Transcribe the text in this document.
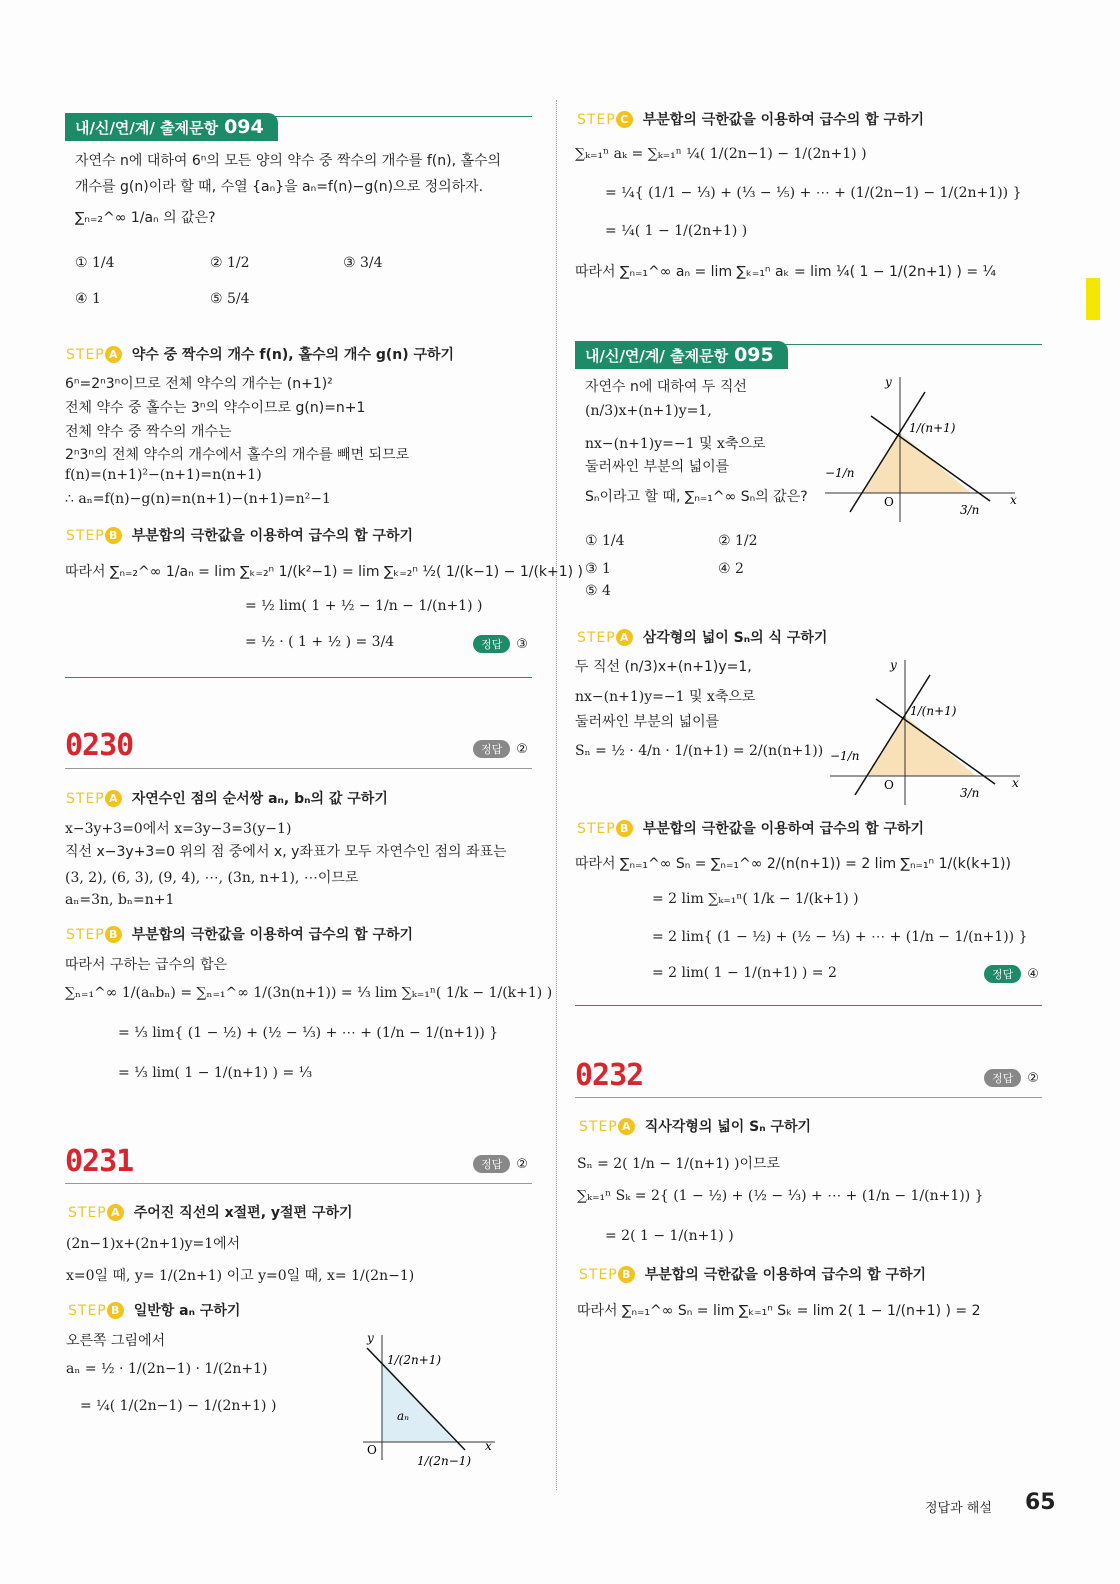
내/신/연/계/ 출제문항 094
자연수 n에 대하여 6ⁿ의 모든 양의 약수 중 짝수의 개수를 f(n), 홀수의
개수를 g(n)이라 할 때, 수열 {aₙ}을 aₙ=f(n)−g(n)으로 정의하자.
∑ₙ₌₂^∞ 1/aₙ 의 값은?
① 1/4	② 1/2	③ 3/4
④ 1	⑤ 5/4
STEP A 약수 중 짝수의 개수 f(n), 홀수의 개수 g(n) 구하기
6ⁿ=2ⁿ3ⁿ이므로 전체 약수의 개수는 (n+1)²
전체 약수 중 홀수는 3ⁿ의 약수이므로 g(n)=n+1
전체 약수 중 짝수의 개수는
2ⁿ3ⁿ의 전체 약수의 개수에서 홀수의 개수를 빼면 되므로
f(n)=(n+1)²−(n+1)=n(n+1)
∴ aₙ=f(n)−g(n)=n(n+1)−(n+1)=n²−1
STEP B 부분합의 극한값을 이용하여 급수의 합 구하기
따라서 ∑ₙ₌₂^∞ 1/aₙ = lim ∑ₖ₌₂ⁿ 1/(k²−1) = lim ∑ₖ₌₂ⁿ ½( 1/(k−1) − 1/(k+1) )
= ½ lim( 1 + ½ − 1/n − 1/(n+1) )
= ½ · ( 1 + ½ ) = 3/4	정답 ③
0230	정답 ②
STEP A 자연수인 점의 순서쌍 aₙ, bₙ의 값 구하기
x−3y+3=0에서 x=3y−3=3(y−1)
직선 x−3y+3=0 위의 점 중에서 x, y좌표가 모두 자연수인 점의 좌표는
(3, 2), (6, 3), (9, 4), ⋯, (3n, n+1), ⋯이므로
aₙ=3n, bₙ=n+1
STEP B 부분합의 극한값을 이용하여 급수의 합 구하기
따라서 구하는 급수의 합은
∑ₙ₌₁^∞ 1/(aₙbₙ) = ∑ₙ₌₁^∞ 1/(3n(n+1)) = ⅓ lim ∑ₖ₌₁ⁿ( 1/k − 1/(k+1) )
= ⅓ lim{ (1 − ½) + (½ − ⅓) + ⋯ + (1/n − 1/(n+1)) }
= ⅓ lim( 1 − 1/(n+1) ) = ⅓
0231	정답 ②
STEP A 주어진 직선의 x절편, y절편 구하기
(2n−1)x+(2n+1)y=1에서
x=0일 때, y= 1/(2n+1) 이고 y=0일 때, x= 1/(2n−1)
STEP B 일반항 aₙ 구하기
오른쪽 그림에서
aₙ = ½ · 1/(2n−1) · 1/(2n+1)
= ¼( 1/(2n−1) − 1/(2n+1) )
y
x
O
1/(2n+1)
1/(2n−1)
aₙ
STEP C 부분합의 극한값을 이용하여 급수의 합 구하기
∑ₖ₌₁ⁿ aₖ = ∑ₖ₌₁ⁿ ¼( 1/(2n−1) − 1/(2n+1) )
= ¼{ (1/1 − ⅓) + (⅓ − ⅕) + ⋯ + (1/(2n−1) − 1/(2n+1)) }
= ¼( 1 − 1/(2n+1) )
따라서 ∑ₙ₌₁^∞ aₙ = lim ∑ₖ₌₁ⁿ aₖ = lim ¼( 1 − 1/(2n+1) ) = ¼
내/신/연/계/ 출제문항 095
자연수 n에 대하여 두 직선
(n/3)x+(n+1)y=1,
nx−(n+1)y=−1 및 x축으로
둘러싸인 부분의 넓이를
Sₙ이라고 할 때, ∑ₙ₌₁^∞ Sₙ의 값은?
① 1/4	② 1/2
③ 1	④ 2
⑤ 4
y
x
O
1/(n+1)
−1/n
3/n
STEP A 삼각형의 넓이 Sₙ의 식 구하기
두 직선 (n/3)x+(n+1)y=1,
nx−(n+1)y=−1 및 x축으로
둘러싸인 부분의 넓이를
Sₙ = ½ · 4/n · 1/(n+1) = 2/(n(n+1))
y
x
O
1/(n+1)
−1/n
3/n
STEP B 부분합의 극한값을 이용하여 급수의 합 구하기
따라서 ∑ₙ₌₁^∞ Sₙ = ∑ₙ₌₁^∞ 2/(n(n+1)) = 2 lim ∑ₙ₌₁ⁿ 1/(k(k+1))
= 2 lim ∑ₖ₌₁ⁿ( 1/k − 1/(k+1) )
= 2 lim{ (1 − ½) + (½ − ⅓) + ⋯ + (1/n − 1/(n+1)) }
= 2 lim( 1 − 1/(n+1) ) = 2	정답 ④
0232	정답 ②
STEP A 직사각형의 넓이 Sₙ 구하기
Sₙ = 2( 1/n − 1/(n+1) )이므로
∑ₖ₌₁ⁿ Sₖ = 2{ (1 − ½) + (½ − ⅓) + ⋯ + (1/n − 1/(n+1)) }
= 2( 1 − 1/(n+1) )
STEP B 부분합의 극한값을 이용하여 급수의 합 구하기
따라서 ∑ₙ₌₁^∞ Sₙ = lim ∑ₖ₌₁ⁿ Sₖ = lim 2( 1 − 1/(n+1) ) = 2
정답과 해설 65
